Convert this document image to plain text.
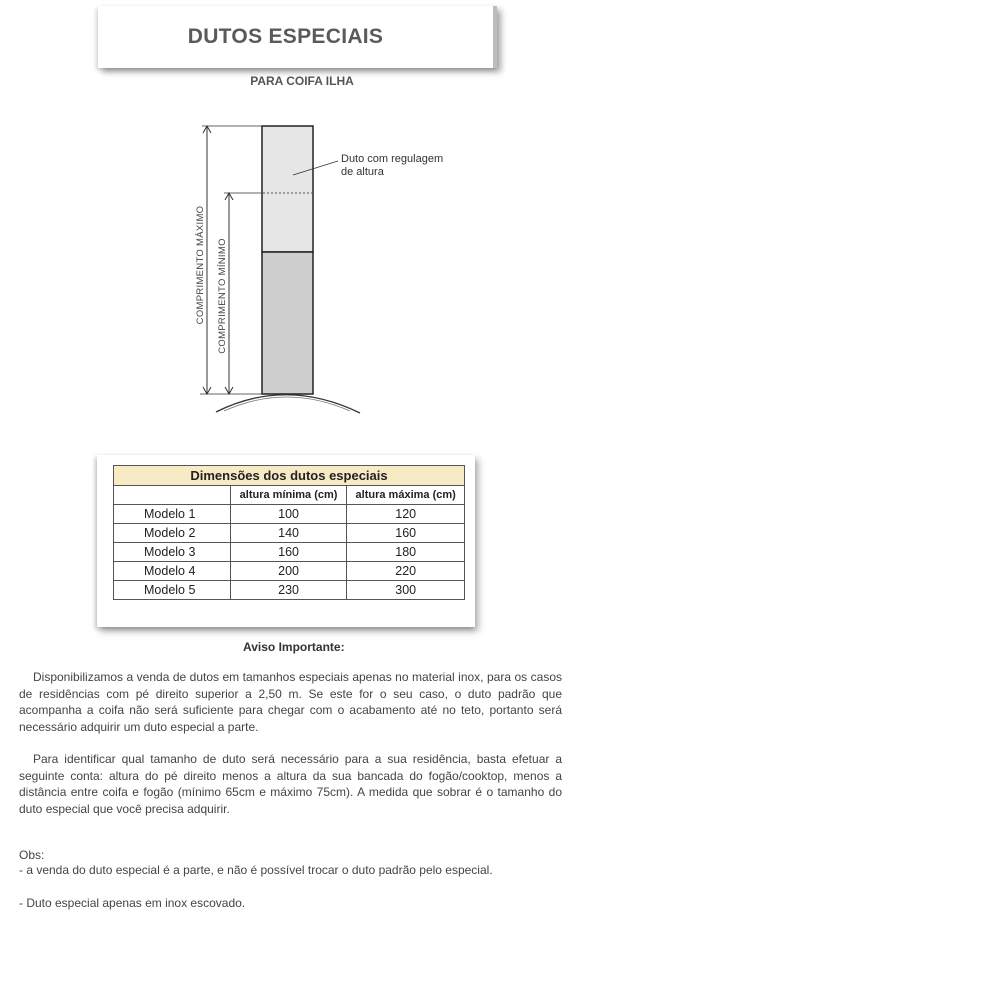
DUTOS ESPECIAIS
PARA COIFA ILHA
COMPRIMENTO MÁXIMO COMPRIMENTO MÍNIMO
Duto com regulagem
de altura
Dimensões dos dutos especiais		
	altura mínima (cm)	altura máxima (cm)
Modelo 1	100	120
Modelo 2	140	160
Modelo 3	160	180
Modelo 4	200	220
Modelo 5	230	300
Aviso Importante:

Disponibilizamos a venda de dutos em tamanhos especiais apenas no material inox, para os casos de residências com pé direito superior a 2,50 m. Se este for o seu caso, o duto padrão que acompanha a coifa não será suficiente para chegar com o acabamento até no teto, portanto será necessário adquirir um duto especial a parte.

Para identificar qual tamanho de duto será necessário para a sua residência, basta efetuar a seguinte conta: altura do pé direito menos a altura da sua bancada do fogão/cooktop, menos a distância entre coifa e fogão (mínimo 65cm e máximo 75cm). A medida que sobrar é o tamanho do duto especial que você precisa adquirir.

Obs:

- a venda do duto especial é a parte, e não é possível trocar o duto padrão pelo especial.

- Duto especial apenas em inox escovado.
